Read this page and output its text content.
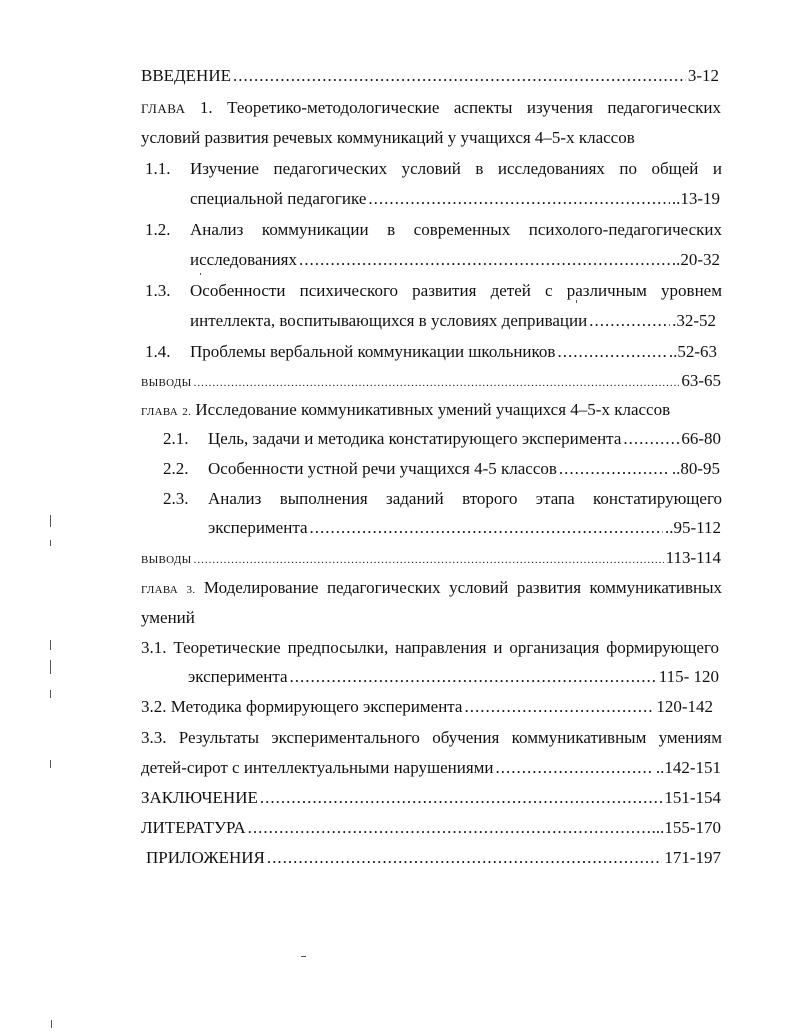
ВВЕДЕНИЕ .....	3-12
ГЛАВА 1. Теоретико-методологические аспекты изучения педагогических
условий развития речевых коммуникаций у учащихся 4–5-х классов
1.1. Изучение педагогических условий в исследованиях по общей и
специальной педагогике .....	..13-19
1.2. Анализ коммуникации в современных психолого-педагогических
исследованиях .....	..20-32
1.3. Особенности психического развития детей с различным уровнем
интеллекта, воспитывающихся в условиях депривации .....	.32-52
1.4. Проблемы вербальной коммуникации школьников .....	..52-63
ВЫВОДЫ .....	63-65
ГЛАВА 2. Исследование коммуникативных умений учащихся 4–5-х классов
2.1. Цель, задачи и методика констатирующего эксперимента .....	66-80
2.2. Особенности устной речи учащихся 4-5 классов .....	..80-95
2.3. Анализ выполнения заданий второго этапа констатирующего
эксперимента .....	..95-112
ВЫВОДЫ .....	113-114
ГЛАВА 3. Моделирование педагогических условий развития коммуникативных
умений
3.1. Теоретические предпосылки, направления и организация формирующего
эксперимента .....	115- 120
3.2. Методика формирующего эксперимента .....	120-142
3.3. Результаты экспериментального обучения коммуникативным умениям
детей-сирот с интеллектуальными нарушениями .....	..142-151
ЗАКЛЮЧЕНИЕ .....	151-154
ЛИТЕРАТУРА .....	...155-170
ПРИЛОЖЕНИЯ .....	171-197
